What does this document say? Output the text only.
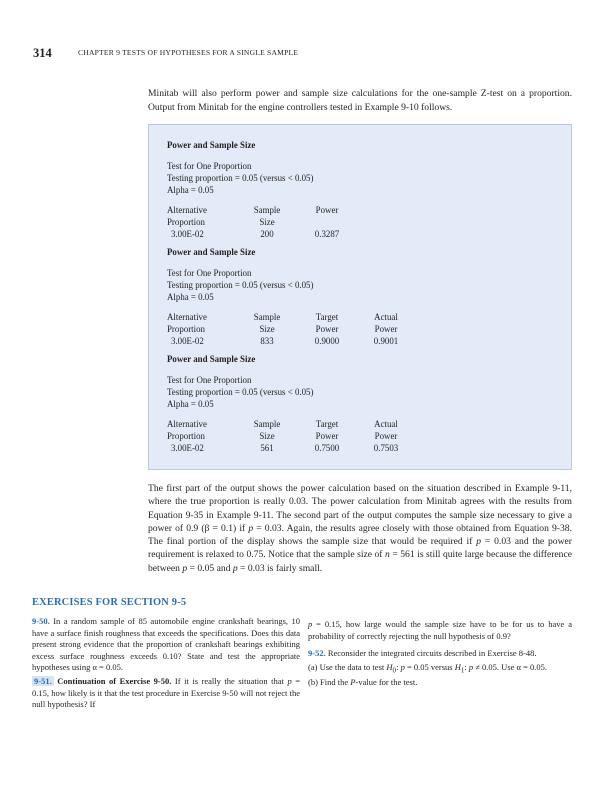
314	CHAPTER 9 TESTS OF HYPOTHESES FOR A SINGLE SAMPLE
Minitab will also perform power and sample size calculations for the one-sample Z-test on a proportion. Output from Minitab for the engine controllers tested in Example 9-10 follows.
Power and Sample Size
Test for One Proportion
Testing proportion = 0.05 (versus < 0.05)
Alpha = 0.05
Alternative	Sample	Power
Proportion	Size	
3.00E-02	200	0.3287
Power and Sample Size
Test for One Proportion
Testing proportion = 0.05 (versus < 0.05)
Alpha = 0.05
Alternative	Sample	Target	Actual
Proportion	Size	Power	Power
3.00E-02	833	0.9000	0.9001
Power and Sample Size
Test for One Proportion
Testing proportion = 0.05 (versus < 0.05)
Alpha = 0.05
Alternative	Sample	Target	Actual
Proportion	Size	Power	Power
3.00E-02	561	0.7500	0.7503
The first part of the output shows the power calculation based on the situation described in Example 9-11, where the true proportion is really 0.03. The power calculation from Minitab agrees with the results from Equation 9-35 in Example 9-11. The second part of the output computes the sample size necessary to give a power of 0.9 (β = 0.1) if p = 0.03. Again, the results agree closely with those obtained from Equation 9-38. The final portion of the display shows the sample size that would be required if p = 0.03 and the power requirement is relaxed to 0.75. Notice that the sample size of n = 561 is still quite large because the difference between p = 0.05 and p = 0.03 is fairly small.
EXERCISES FOR SECTION 9-5
9-50. In a random sample of 85 automobile engine crankshaft bearings, 10 have a surface finish roughness that exceeds the specifications. Does this data present strong evidence that the proportion of crankshaft bearings exhibiting excess surface roughness exceeds 0.10? State and test the appropriate hypotheses using α = 0.05.
9-51. Continuation of Exercise 9-50. If it is really the situation that p = 0.15, how likely is it that the test procedure in Exercise 9-50 will not reject the null hypothesis? If
p = 0.15, how large would the sample size have to be for us to have a probability of correctly rejecting the null hypothesis of 0.9?
9-52. Reconsider the integrated circuits described in Exercise 8-48.
(a) Use the data to test $H_0$: p = 0.05 versus $H_1$: p ≠ 0.05. Use α = 0.05.
(b) Find the P-value for the test.
